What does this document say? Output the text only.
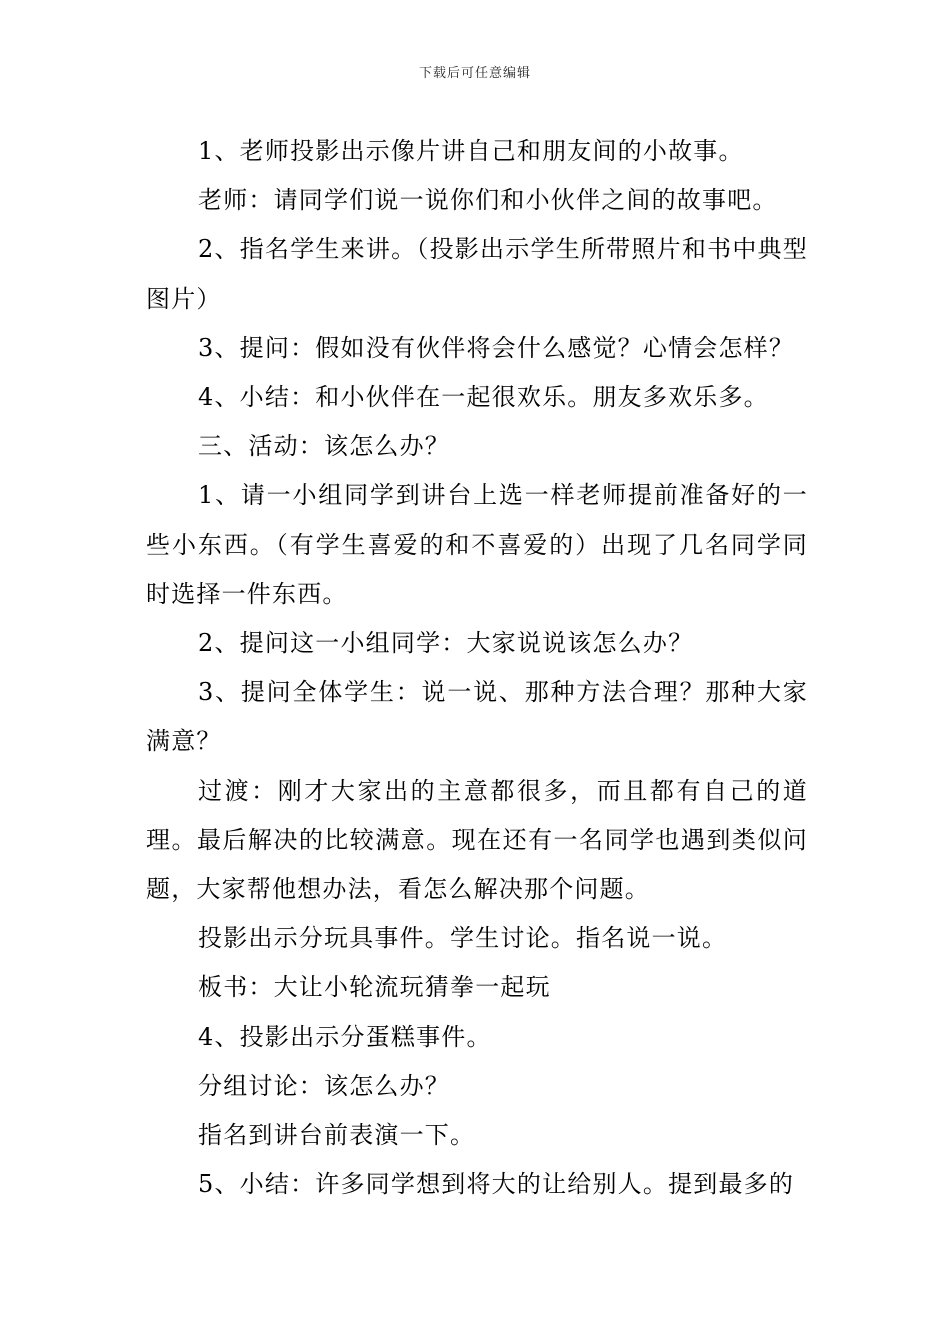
下载后可任意编辑

1、老师投影出示像片讲自己和朋友间的小故事。

老师：请同学们说一说你们和小伙伴之间的故事吧。

2、指名学生来讲。（投影出示学生所带照片和书中典型图片）

3、提问：假如没有伙伴将会什么感觉？心情会怎样？

4、小结：和小伙伴在一起很欢乐。朋友多欢乐多。

三、活动：该怎么办？

1、请一小组同学到讲台上选一样老师提前准备好的一些小东西。（有学生喜爱的和不喜爱的）出现了几名同学同时选择一件东西。

2、提问这一小组同学：大家说说该怎么办？

3、提问全体学生：说一说、那种方法合理？那种大家满意？

过渡：刚才大家出的主意都很多，而且都有自己的道理。最后解决的比较满意。现在还有一名同学也遇到类似问题，大家帮他想办法，看怎么解决那个问题。

投影出示分玩具事件。学生讨论。指名说一说。

板书：大让小轮流玩猜拳一起玩

4、投影出示分蛋糕事件。

分组讨论：该怎么办？

指名到讲台前表演一下。

5、小结：许多同学想到将大的让给别人。提到最多的
